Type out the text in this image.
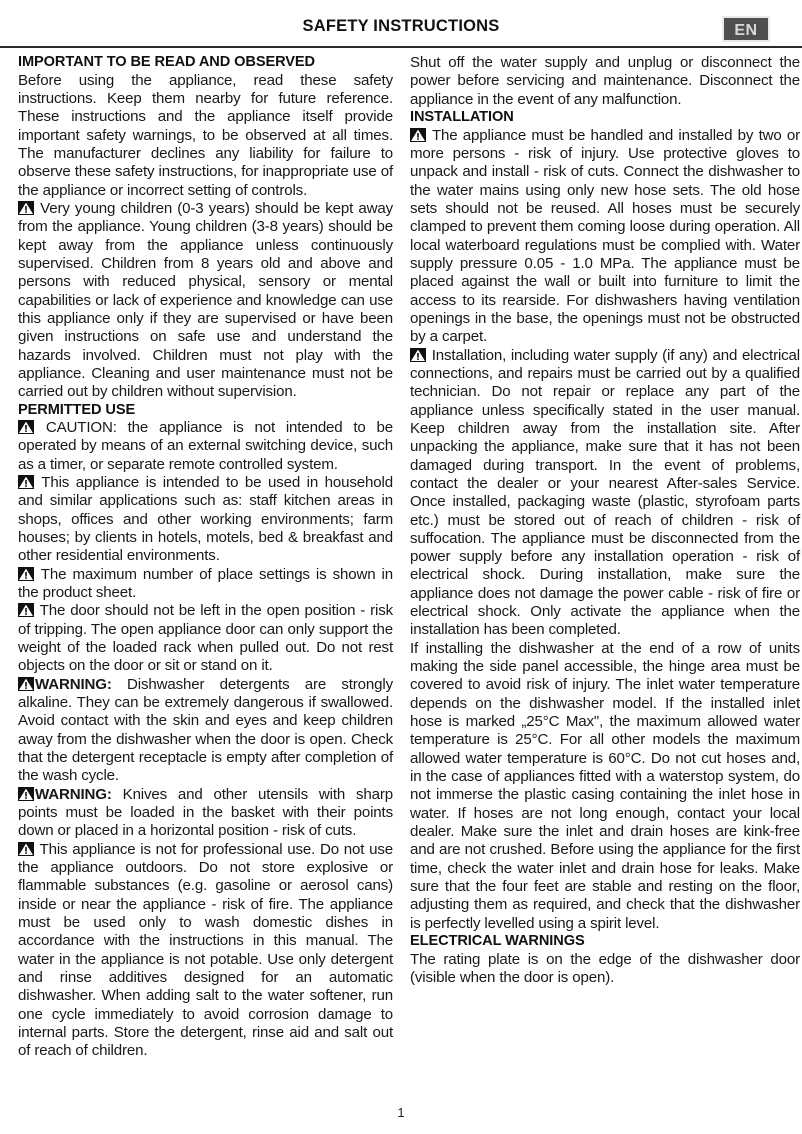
SAFETY INSTRUCTIONS	EN
IMPORTANT TO BE READ AND OBSERVED

Before using the appliance, read these safety instructions. Keep them nearby for future reference. These instructions and the appliance itself provide important safety warnings, to be observed at all times. The manufacturer declines any liability for failure to observe these safety instructions, for inappropriate use of the appliance or incorrect setting of controls.

Very young children (0-3 years) should be kept away from the appliance. Young children (3-8 years) should be kept away from the appliance unless continuously supervised. Children from 8 years old and above and persons with reduced physical, sensory or mental capabilities or lack of experience and knowledge can use this appliance only if they are supervised or have been given instructions on safe use and understand the hazards involved. Children must not play with the appliance. Cleaning and user maintenance must not be carried out by children without supervision.

PERMITTED USE

CAUTION: the appliance is not intended to be operated by means of an external switching device, such as a timer, or separate remote controlled system.

This appliance is intended to be used in household and similar applications such as: staff kitchen areas in shops, offices and other working environments; farm houses; by clients in hotels, motels, bed & breakfast and other residential environments.

The maximum number of place settings is shown in the product sheet.

The door should not be left in the open position - risk of tripping. The open appliance door can only support the weight of the loaded rack when pulled out. Do not rest objects on the door or sit or stand on it.

WARNING: Dishwasher detergents are strongly alkaline. They can be extremely dangerous if swallowed. Avoid contact with the skin and eyes and keep children away from the dishwasher when the door is open. Check that the detergent receptacle is empty after completion of the wash cycle.

WARNING: Knives and other utensils with sharp points must be loaded in the basket with their points down or placed in a horizontal position - risk of cuts.

This appliance is not for professional use. Do not use the appliance outdoors. Do not store explosive or flammable substances (e.g. gasoline or aerosol cans) inside or near the appliance - risk of fire. The appliance must be used only to wash domestic dishes in accordance with the instructions in this manual. The water in the appliance is not potable. Use only detergent and rinse additives designed for an automatic dishwasher. When adding salt to the water softener, run one cycle immediately to avoid corrosion damage to internal parts. Store the detergent, rinse aid and salt out of reach of children.

Shut off the water supply and unplug or disconnect the power before servicing and maintenance. Disconnect the appliance in the event of any malfunction.

INSTALLATION

The appliance must be handled and installed by two or more persons - risk of injury. Use protective gloves to unpack and install - risk of cuts. Connect the dishwasher to the water mains using only new hose sets. The old hose sets should not be reused. All hoses must be securely clamped to prevent them coming loose during operation. All local waterboard regulations must be complied with. Water supply pressure 0.05 - 1.0 MPa. The appliance must be placed against the wall or built into furniture to limit the access to its rearside. For dishwashers having ventilation openings in the base, the openings must not be obstructed by a carpet.

Installation, including water supply (if any) and electrical connections, and repairs must be carried out by a qualified technician. Do not repair or replace any part of the appliance unless specifically stated in the user manual. Keep children away from the installation site. After unpacking the appliance, make sure that it has not been damaged during transport. In the event of problems, contact the dealer or your nearest After-sales Service. Once installed, packaging waste (plastic, styrofoam parts etc.) must be stored out of reach of children - risk of suffocation. The appliance must be disconnected from the power supply before any installation operation - risk of electrical shock. During installation, make sure the appliance does not damage the power cable - risk of fire or electrical shock. Only activate the appliance when the installation has been completed.

If installing the dishwasher at the end of a row of units making the side panel accessible, the hinge area must be covered to avoid risk of injury. The inlet water temperature depends on the dishwasher model. If the installed inlet hose is marked „25°C Max", the maximum allowed water temperature is 25°C. For all other models the maximum allowed water temperature is 60°C. Do not cut hoses and, in the case of appliances fitted with a waterstop system, do not immerse the plastic casing containing the inlet hose in water. If hoses are not long enough, contact your local dealer. Make sure the inlet and drain hoses are kink-free and are not crushed. Before using the appliance for the first time, check the water inlet and drain hose for leaks. Make sure that the four feet are stable and resting on the floor, adjusting them as required, and check that the dishwasher is perfectly levelled using a spirit level.

ELECTRICAL WARNINGS

The rating plate is on the edge of the dishwasher door (visible when the door is open).

1
